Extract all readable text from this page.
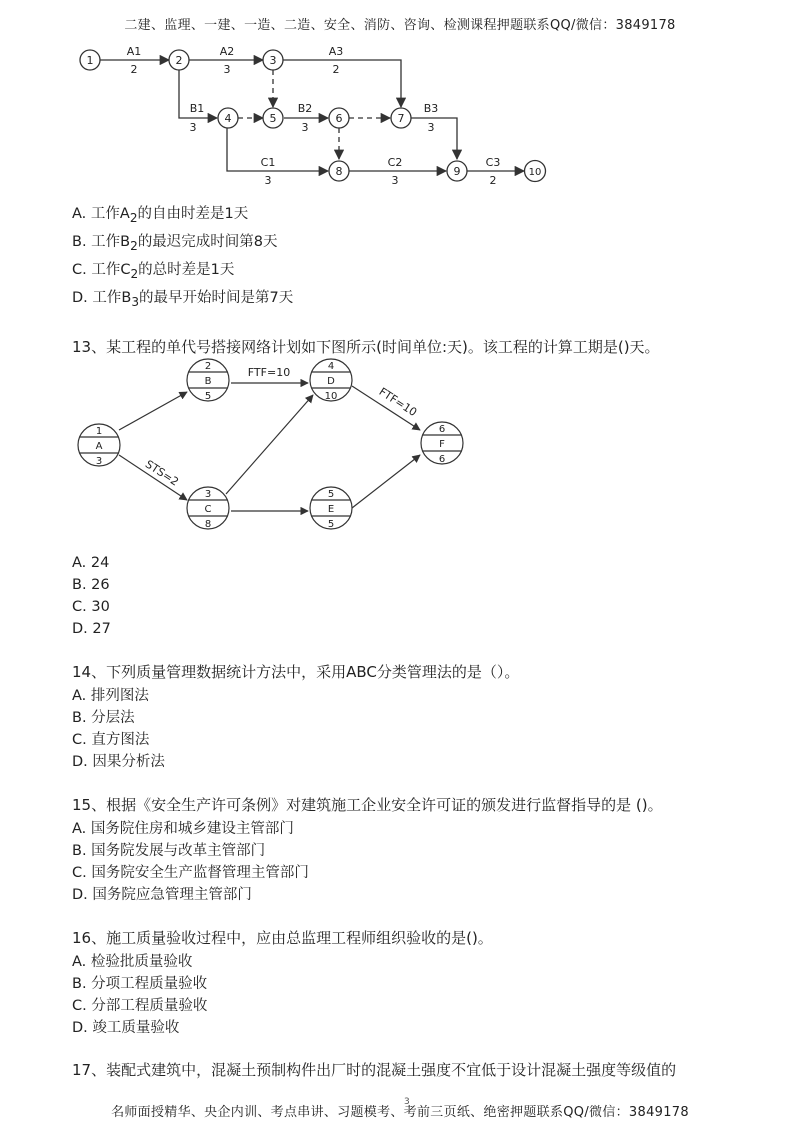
二建、监理、一建、一造、二造、安全、消防、咨询、检测课程押题联系QQ/微信：3849178
1	2	3
4	5	6	7
8	9	10
A1
2
A2
3
A3
2
B1
3
B2
3
B3
3
C1
3
C2
3
C3
2
A. 工作$A_2$的自由时差是1天
B. 工作$B_2$的最迟完成时间第8天
C. 工作$C_2$的总时差是1天
D. 工作$B_3$的最早开始时间是第7天
13、某工程的单代号搭接网络计划如下图所示(时间单位:天)。该工程的计算工期是()天。
1
A
3
2
B
5
3
C
8
4
D
10
5
E
5
6
F
6
FTF=10
FTF=10
STS=2
A. 24
B. 26
C. 30
D. 27
14、下列质量管理数据统计方法中，采用ABC分类管理法的是（）。
A. 排列图法
B. 分层法
C. 直方图法
D. 因果分析法
15、根据《安全生产许可条例》对建筑施工企业安全许可证的颁发进行监督指导的是 ()。
A. 国务院住房和城乡建设主管部门
B. 国务院发展与改革主管部门
C. 国务院安全生产监督管理主管部门
D. 国务院应急管理主管部门
16、施工质量验收过程中，应由总监理工程师组织验收的是()。
A. 检验批质量验收
B. 分项工程质量验收
C. 分部工程质量验收
D. 竣工质量验收
17、装配式建筑中，混凝土预制构件出厂时的混凝土强度不宜低于设计混凝土强度等级值的
3
名师面授精华、央企内训、考点串讲、习题模考、考前三页纸、绝密押题联系QQ/微信：3849178
